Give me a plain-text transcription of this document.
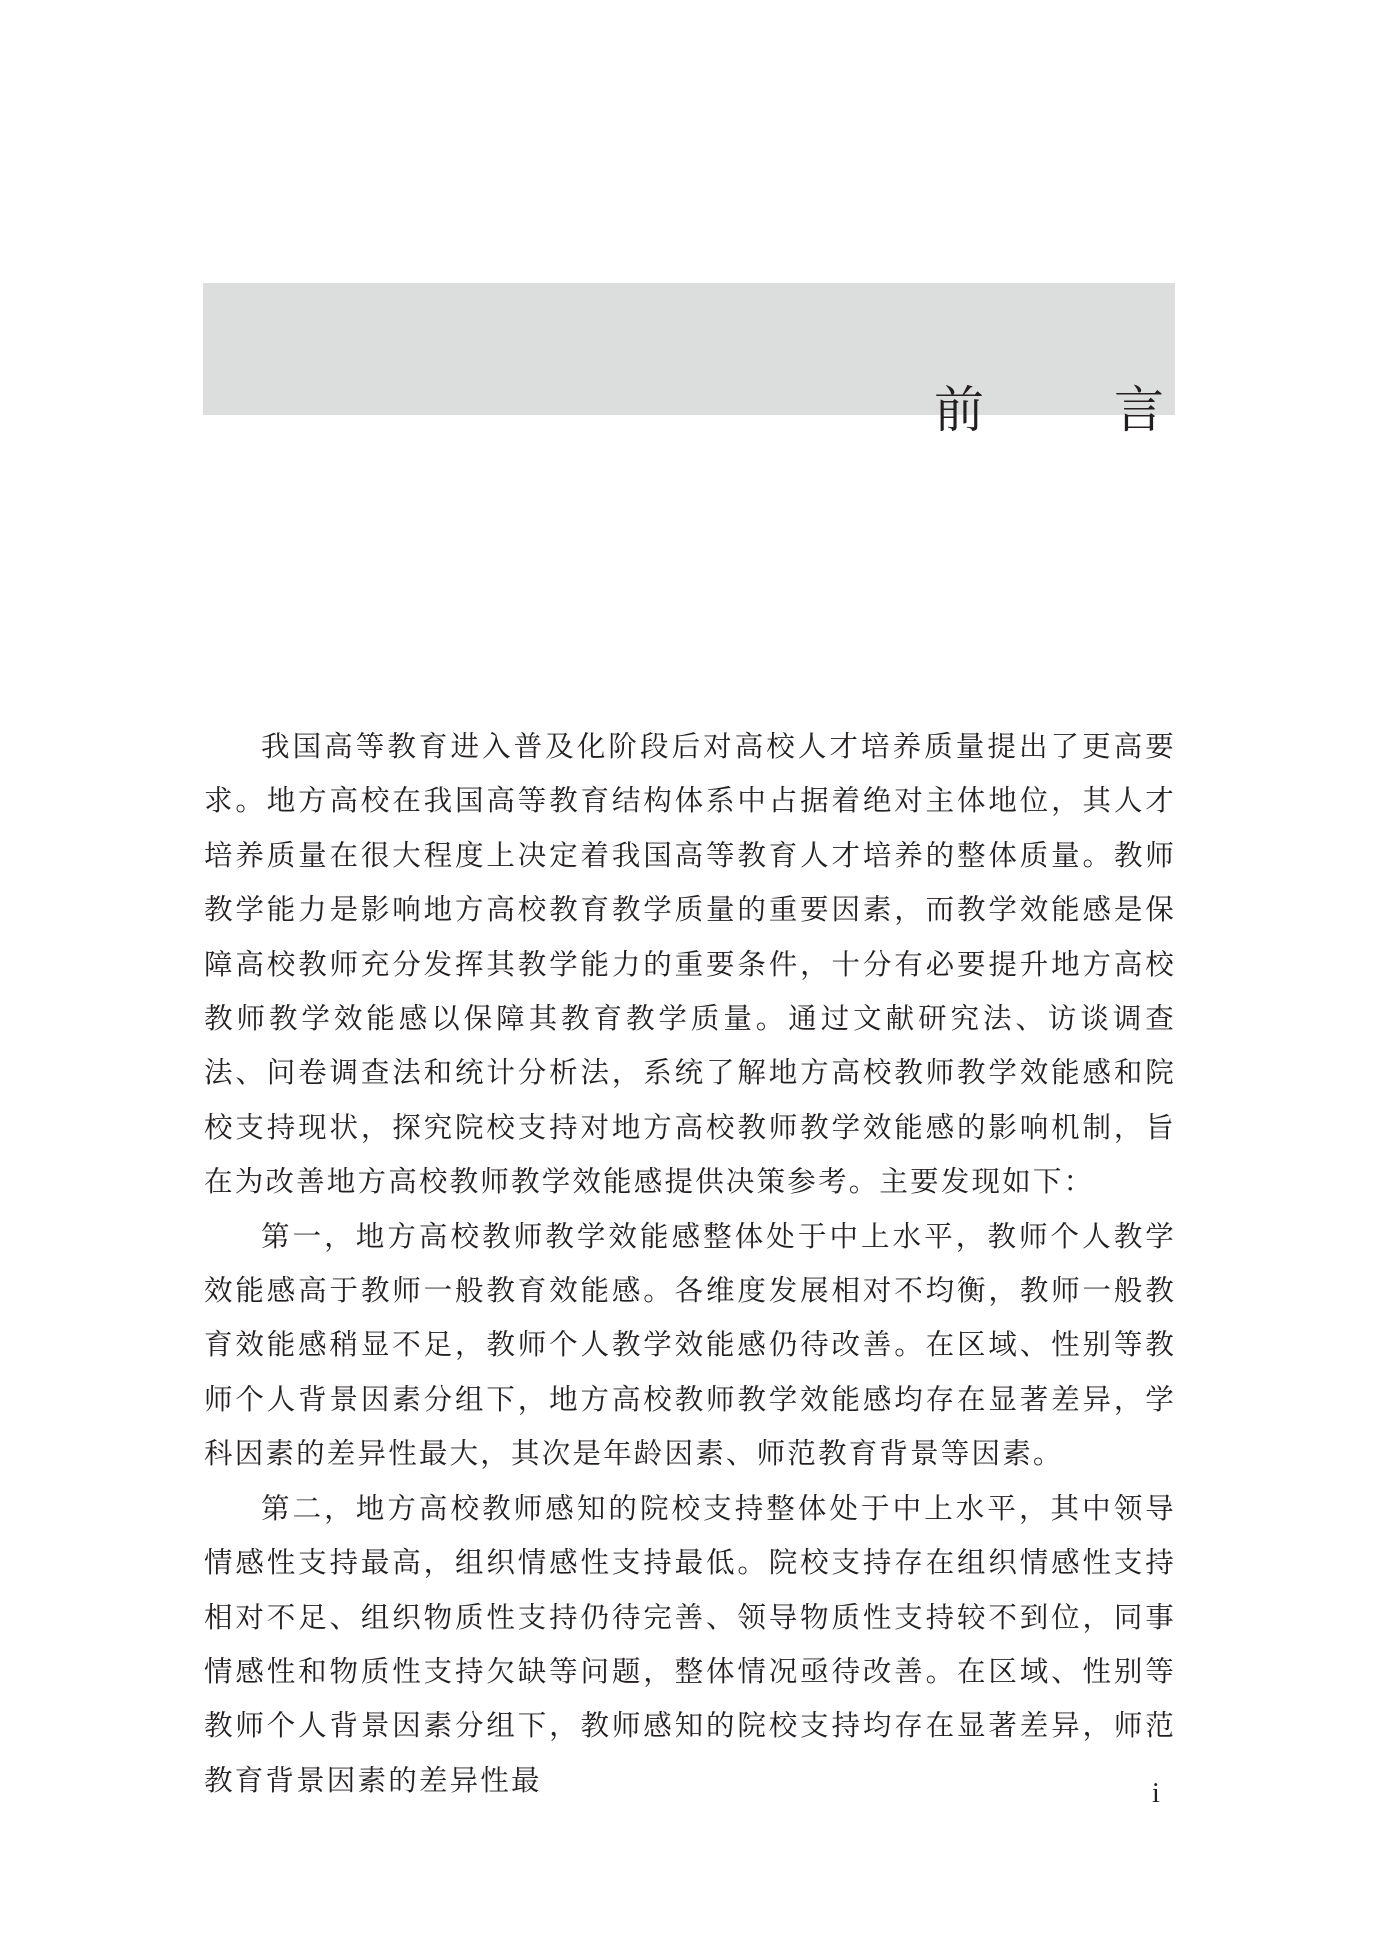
前　言

我国高等教育进入普及化阶段后对高校人才培养质量提出了更高要求。地方高校在我国高等教育结构体系中占据着绝对主体地位，其人才培养质量在很大程度上决定着我国高等教育人才培养的整体质量。教师教学能力是影响地方高校教育教学质量的重要因素，而教学效能感是保障高校教师充分发挥其教学能力的重要条件，十分有必要提升地方高校教师教学效能感以保障其教育教学质量。通过文献研究法、访谈调查法、问卷调查法和统计分析法，系统了解地方高校教师教学效能感和院校支持现状，探究院校支持对地方高校教师教学效能感的影响机制，旨在为改善地方高校教师教学效能感提供决策参考。主要发现如下：

第一，地方高校教师教学效能感整体处于中上水平，教师个人教学效能感高于教师一般教育效能感。各维度发展相对不均衡，教师一般教育效能感稍显不足，教师个人教学效能感仍待改善。在区域、性别等教师个人背景因素分组下，地方高校教师教学效能感均存在显著差异，学科因素的差异性最大，其次是年龄因素、师范教育背景等因素。

第二，地方高校教师感知的院校支持整体处于中上水平，其中领导情感性支持最高，组织情感性支持最低。院校支持存在组织情感性支持相对不足、组织物质性支持仍待完善、领导物质性支持较不到位，同事情感性和物质性支持欠缺等问题，整体情况亟待改善。在区域、性别等教师个人背景因素分组下，教师感知的院校支持均存在显著差异，师范教育背景因素的差异性最	i
